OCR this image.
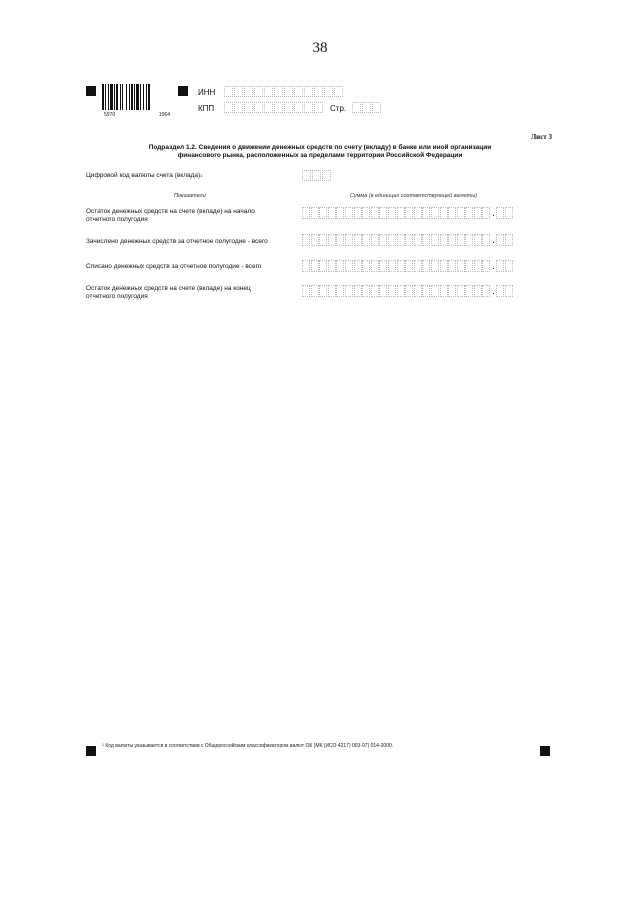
38
5970	1064
ИНН
КПП	Стр.
Лист 3
Подраздел 1.2. Сведения о движении денежных средств по счету (вкладу) в банке или иной организации
финансового рынка, расположенных за пределами территории Российской Федерации
Цифровой код валюты счета (вклада)$^1$
Показатели	Сумма (в единицах соответствующей валюты)
Остаток денежных средств на счете (вкладе) на начало
отчетного полугодия
.
Зачислено денежных средств за отчетное полугодие - всего	.
Списано денежных средств за отчетное полугодие - всего	.
Остаток денежных средств на счете (вкладе) на конец
отчетного полугодия	.
$^1$ Код валюты указывается в соответствии с Общероссийским классификатором валют ОК (МК (ИСО 4217) 003-97) 014-2000.
